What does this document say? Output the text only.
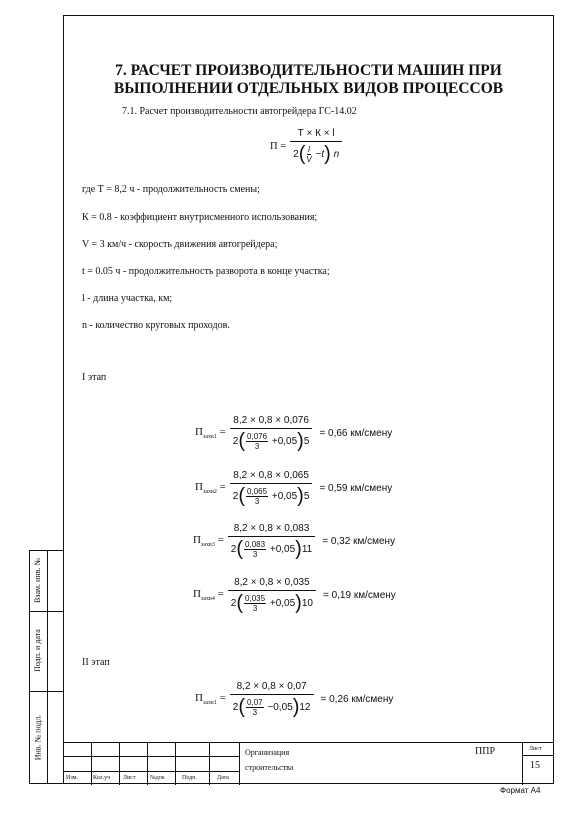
Взам. инв. №
Подп. и дата
Инв. № подл.
7. РАСЧЕТ ПРОИЗВОДИТЕЛЬНОСТИ МАШИН ПРИ
ВЫПОЛНЕНИИ ОТДЕЛЬНЫХ ВИДОВ ПРОЦЕССОВ
7.1. Расчет производительности автогрейдера ГС-14.02
П = Т × К × l
2 ( l
V − t )
n
где Т = 8,2 ч - продолжительность смены;
К = 0.8 - коэффициент внутрисменного использования;
V = 3 км/ч - скорость движения автогрейдера;
t = 0.05 ч - продолжительность разворота в конце участка;
l - длина участка, км;
n - количество круговых проходов.
I этап
$П_{захв1} = 8,2 \times 0,8 \times 0,076$
2 ( 0,076
3 + 0,05 ) 5 = 0,66 км/смену
$П_{захв2} = 8,2 \times 0,8 \times 0,065$
2 ( 0,065
3 + 0,05 ) 5 = 0,59 км/смену
$П_{захв3} = 8,2 \times 0,8 \times 0,083$
2 ( 0,083
3 + 0,05 ) 11 = 0,32 км/смену
$П_{захв4} = 8,2 \times 0,8 \times 0,035$
2 ( 0,035
3 + 0,05 ) 10 = 0,19 км/смену
II этап
$П_{захв1} = 8,2 \times 0,8 \times 0,07$
2 ( 0,07
3 − 0,05 ) 12 = 0,26 км/смену
Изм.	Кол.уч Лист №док	Подп.	Дата
Организация
строительства
ППР	Лист
15
Формат А4
